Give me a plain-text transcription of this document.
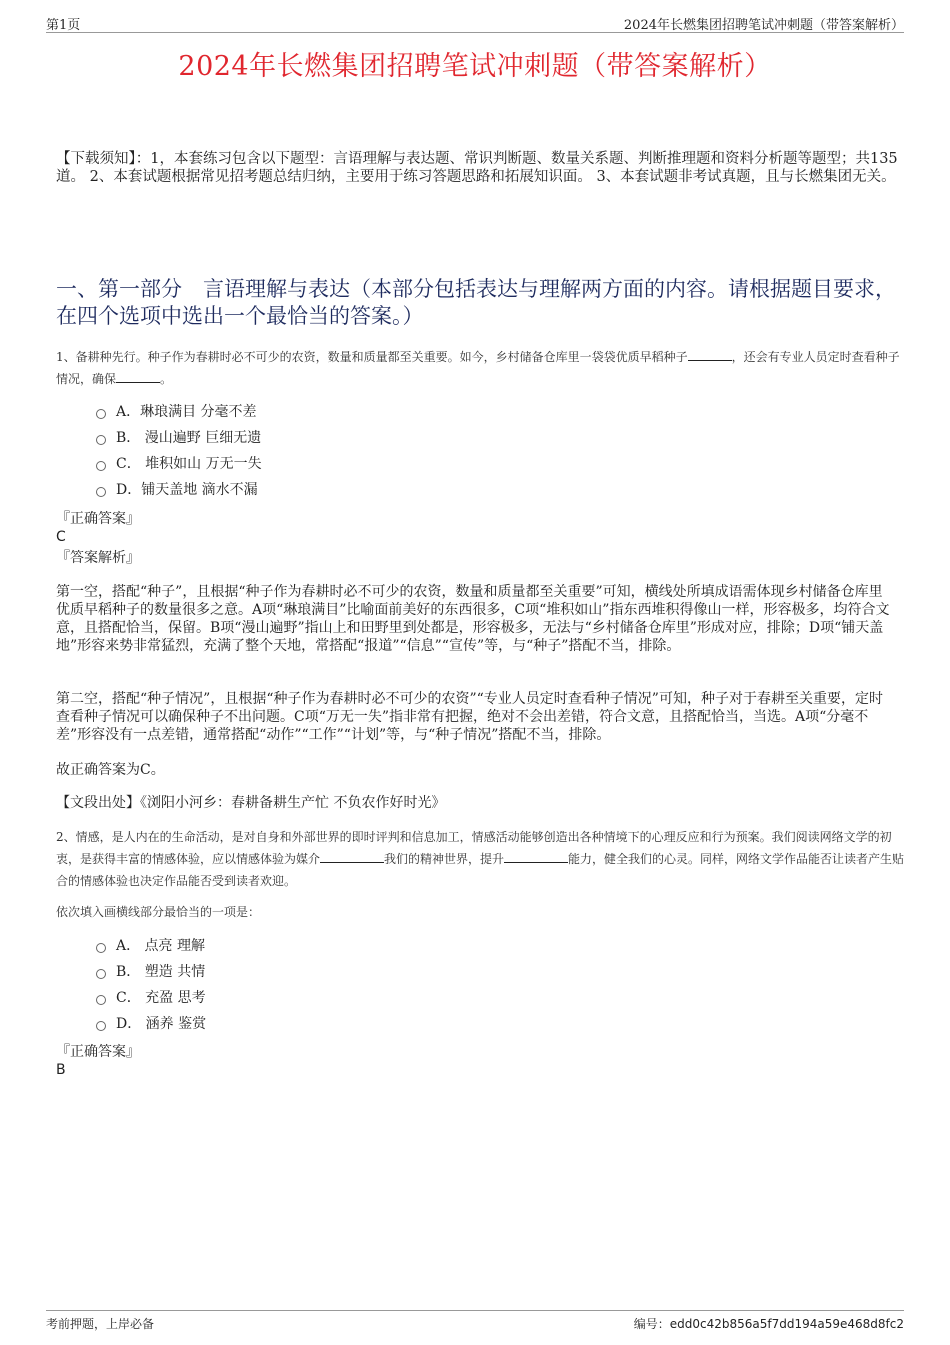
第1页	2024年长燃集团招聘笔试冲刺题（带答案解析）
2024年长燃集团招聘笔试冲刺题（带答案解析）
【下载须知】：1，本套练习包含以下题型：言语理解与表达题、常识判断题、数量关系题、判断推理题和资料分析题等题型；共135道。 2、本套试题根据常见招考题总结归纳，主要用于练习答题思路和拓展知识面。 3、本套试题非考试真题，且与长燃集团无关。
一、第一部分　言语理解与表达（本部分包括表达与理解两方面的内容。请根据题目要求，在四个选项中选出一个最恰当的答案。）
1、备耕种先行。种子作为春耕时必不可少的农资，数量和质量都至关重要。如今，乡村储备仓库里一袋袋优质早稻种子	，还会有专业人员定时查看种子情况，确保	。
A．琳琅满目 分毫不差
B． 漫山遍野 巨细无遗
C． 堆积如山 万无一失
D．铺天盖地 滴水不漏
『正确答案』
C
『答案解析』
第一空，搭配“种子”，且根据“种子作为春耕时必不可少的农资，数量和质量都至关重要”可知，横线处所填成语需体现乡村储备仓库里优质早稻种子的数量很多之意。A项“琳琅满目”比喻面前美好的东西很多，C项“堆积如山”指东西堆积得像山一样，形容极多，均符合文意，且搭配恰当，保留。B项“漫山遍野”指山上和田野里到处都是，形容极多，无法与“乡村储备仓库里”形成对应，排除；D项“铺天盖地”形容来势非常猛烈，充满了整个天地，常搭配“报道”“信息”“宣传”等，与“种子”搭配不当，排除。
第二空，搭配“种子情况”，且根据“种子作为春耕时必不可少的农资”“专业人员定时查看种子情况”可知，种子对于春耕至关重要，定时查看种子情况可以确保种子不出问题。C项“万无一失”指非常有把握，绝对不会出差错，符合文意，且搭配恰当，当选。A项“分毫不差”形容没有一点差错，通常搭配“动作”“工作”“计划”等，与“种子情况”搭配不当，排除。
故正确答案为C。
【文段出处】《浏阳小河乡：春耕备耕生产忙 不负农作好时光》
2、情感，是人内在的生命活动，是对自身和外部世界的即时评判和信息加工，情感活动能够创造出各种情境下的心理反应和行为预案。我们阅读网络文学的初衷，是获得丰富的情感体验，应以情感体验为媒介	我们的精神世界，提升	能力，健全我们的心灵。同样，网络文学作品能否让读者产生贴合的情感体验也决定作品能否受到读者欢迎。
依次填入画横线部分最恰当的一项是：
A． 点亮 理解
B． 塑造 共情
C． 充盈 思考
D． 涵养 鉴赏
『正确答案』
B
考前押题，上岸必备	编号：edd0c42b856a5f7dd194a59e468d8fc2
